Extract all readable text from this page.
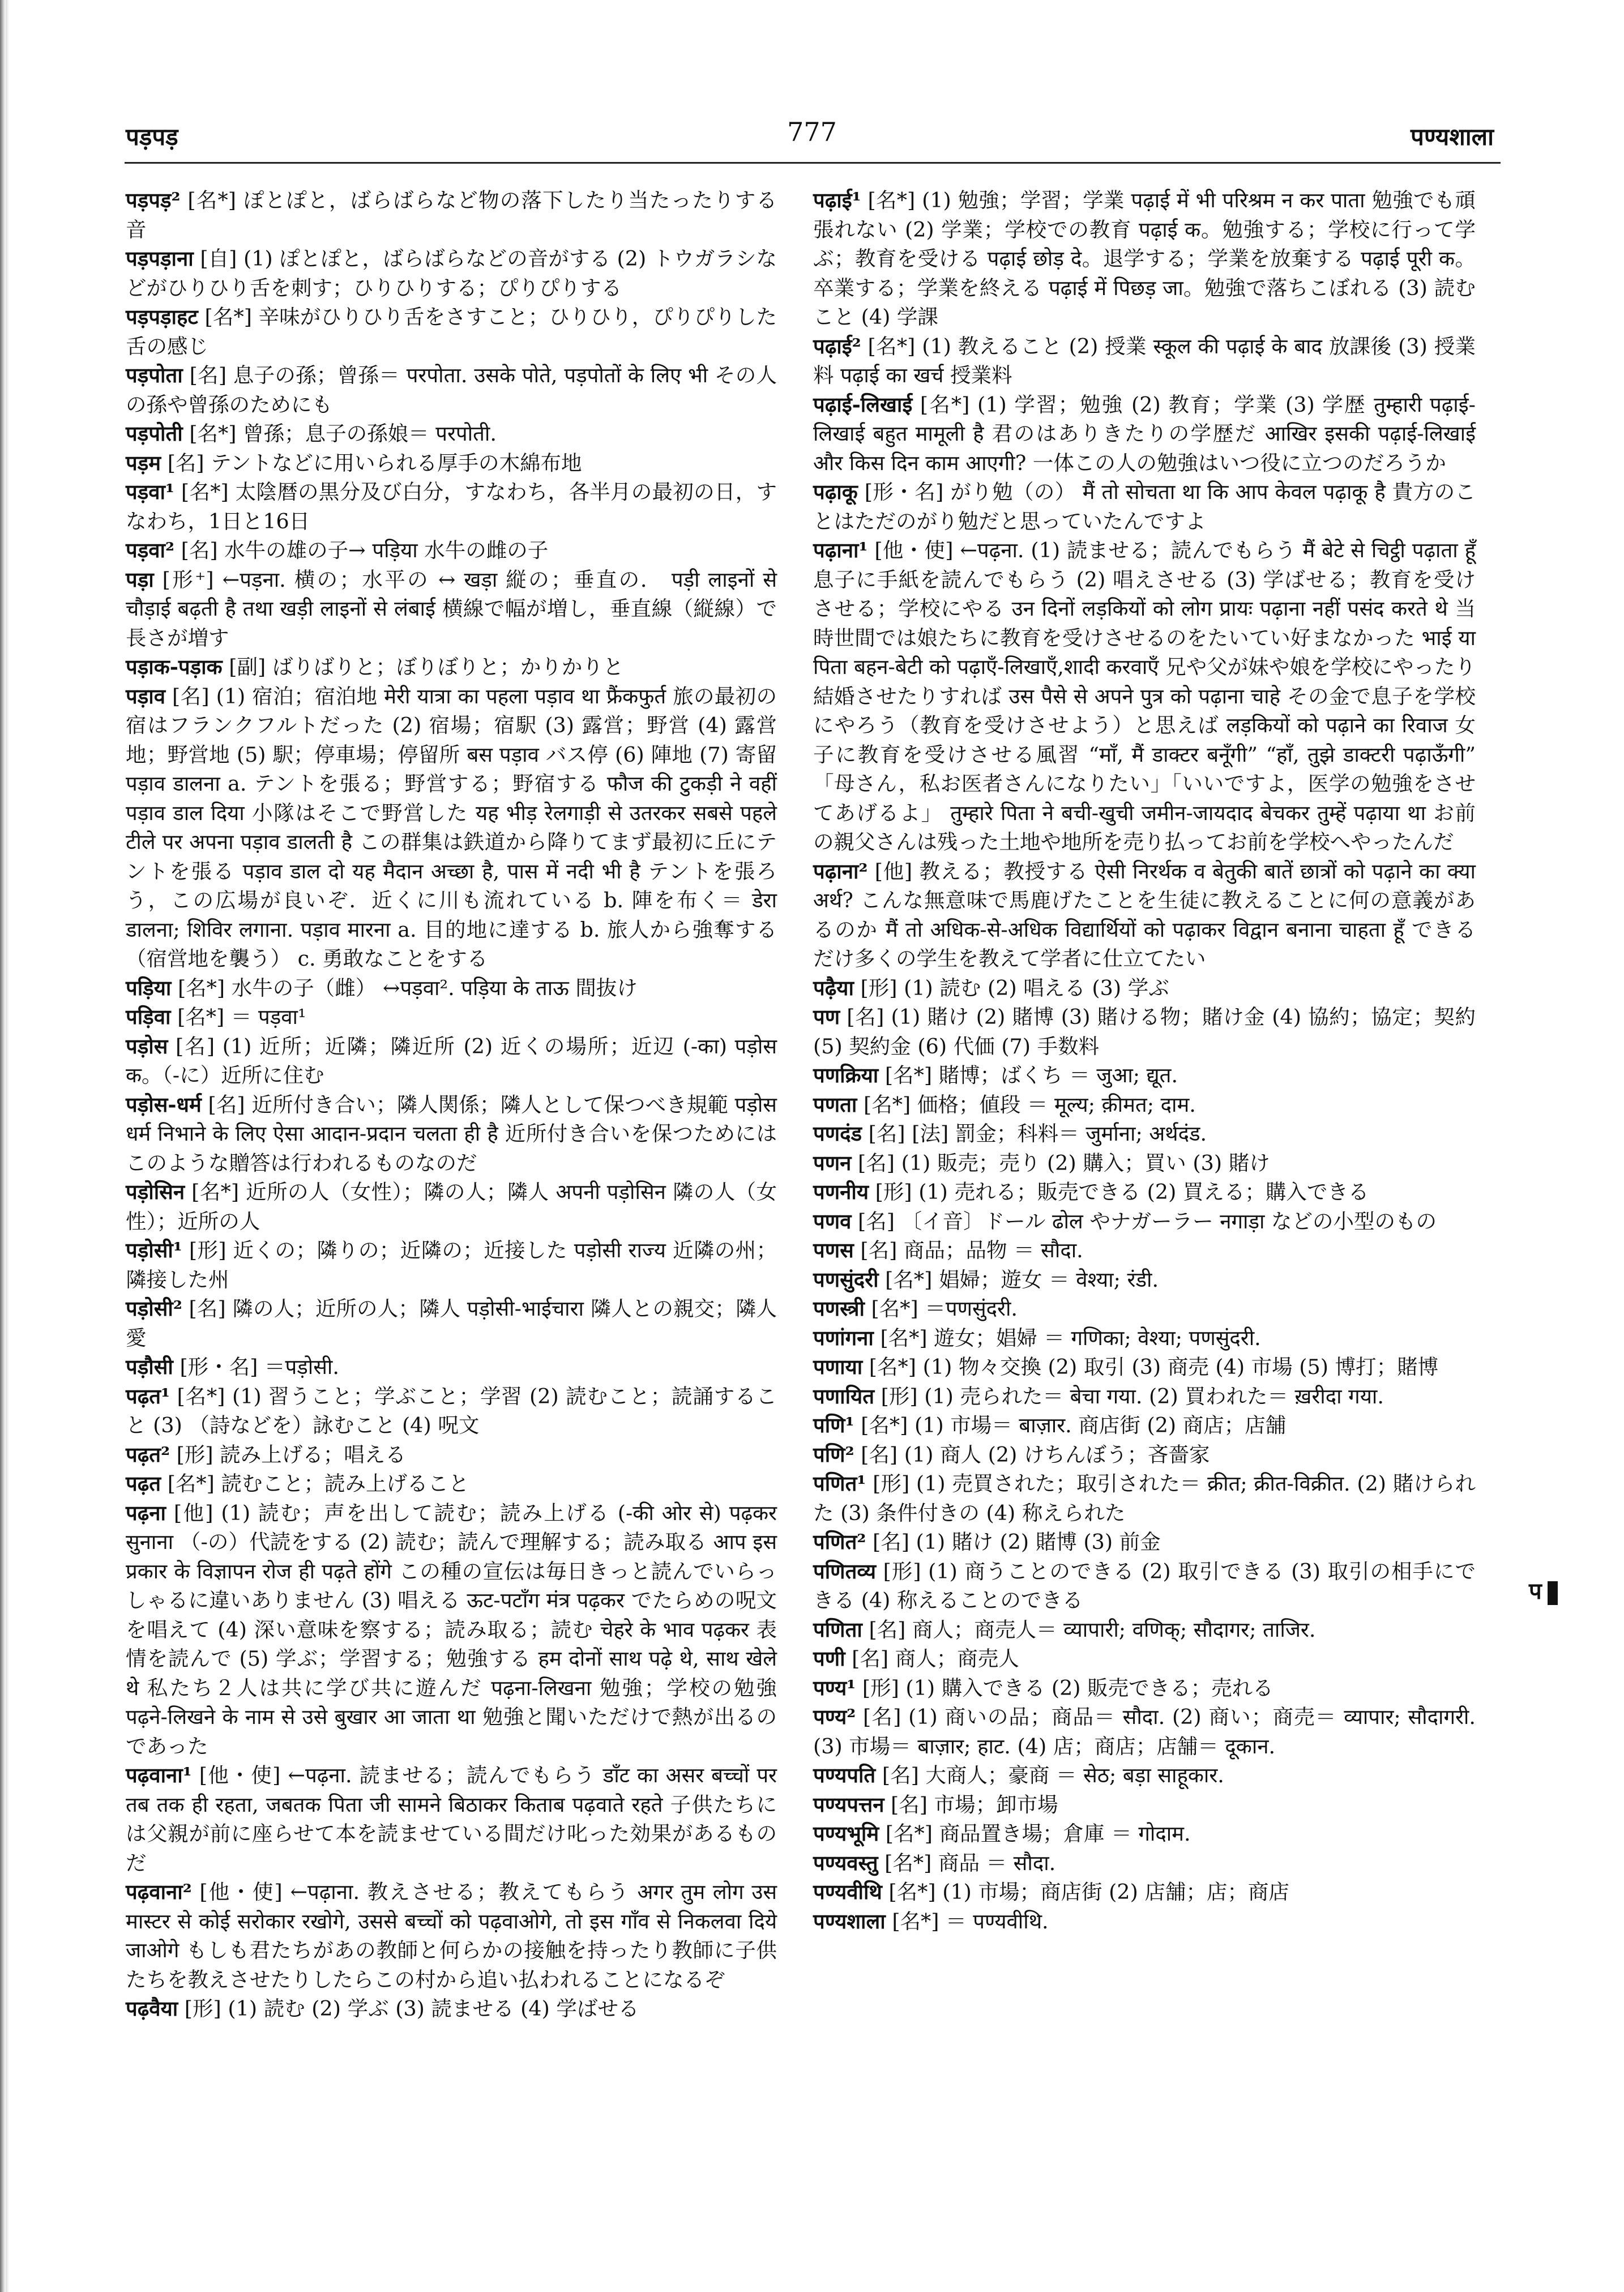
पड़पड़	777	पण्यशाला

पड़पड़² [名*] ぽとぽと，ばらばらなど物の落下したり当たったりする音

पड़पड़ाना [自] (1) ぽとぽと，ばらばらなどの音がする (2) トウガラシなどがひりひり舌を刺す；ひりひりする；ぴりぴりする

पड़पड़ाहट [名*] 辛味がひりひり舌をさすこと；ひりひり，ぴりぴりした舌の感じ

पड़पोता [名] 息子の孫；曾孫＝ परपोता. उसके पोते, पड़पोतों के लिए भी その人の孫や曾孫のためにも

पड़पोती [名*] 曾孫；息子の孫娘＝ परपोती.

पड़म [名] テントなどに用いられる厚手の木綿布地

पड़वा¹ [名*] 太陰暦の黒分及び白分，すなわち，各半月の最初の日，すなわち，1日と16日

पड़वा² [名] 水牛の雄の子→ पड़िया 水牛の雌の子

पड़ा [形⁺] ←पड़ना. 横の；水平の ↔ खड़ा 縦の；垂直の． पड़ी लाइनों से चौड़ाई बढ़ती है तथा खड़ी लाइनों से लंबाई 横線で幅が増し，垂直線（縦線）で長さが増す

पड़ाक-पड़ाक [副] ばりばりと；ぼりぼりと；かりかりと

पड़ाव [名] (1) 宿泊；宿泊地 मेरी यात्रा का पहला पड़ाव था फ्रैंकफुर्त 旅の最初の宿はフランクフルトだった (2) 宿場；宿駅 (3) 露営；野営 (4) 露営地；野営地 (5) 駅；停車場；停留所 बस पड़ाव バス停 (6) 陣地 (7) 寄留 पड़ाव डालना a. テントを張る；野営する；野宿する फौज की टुकड़ी ने वहीं पड़ाव डाल दिया 小隊はそこで野営した यह भीड़ रेलगाड़ी से उतरकर सबसे पहले टीले पर अपना पड़ाव डालती है この群集は鉄道から降りてまず最初に丘にテントを張る पड़ाव डाल दो यह मैदान अच्छा है, पास में नदी भी है テントを張ろう，この広場が良いぞ．近くに川も流れている b. 陣を布く＝ डेरा डालना; शिविर लगाना. पड़ाव मारना a. 目的地に達する b. 旅人から強奪する（宿営地を襲う） c. 勇敢なことをする

पड़िया [名*] 水牛の子（雌） ↔पड़वा². पड़िया के ताऊ 間抜け

पड़िवा [名*] ＝ पड़वा¹

पड़ोस [名] (1) 近所；近隣；隣近所 (2) 近くの場所；近辺 (-का) पड़ोस क。（-に）近所に住む

पड़ोस-धर्म [名] 近所付き合い；隣人関係；隣人として保つべき規範 पड़ोस धर्म निभाने के लिए ऐसा आदान-प्रदान चलता ही है 近所付き合いを保つためにはこのような贈答は行われるものなのだ

पड़ोसिन [名*] 近所の人（女性）；隣の人；隣人 अपनी पड़ोसिन 隣の人（女性）；近所の人

पड़ोसी¹ [形] 近くの；隣りの；近隣の；近接した पड़ोसी राज्य 近隣の州；隣接した州

पड़ोसी² [名] 隣の人；近所の人；隣人 पड़ोसी-भाईचारा 隣人との親交；隣人愛

पड़ौसी [形・名] ＝पड़ोसी.

पढ़त¹ [名*] (1) 習うこと；学ぶこと；学習 (2) 読むこと；読誦すること (3) （詩などを）詠むこと (4) 呪文

पढ़त² [形] 読み上げる；唱える

पढ़त [名*] 読むこと；読み上げること

पढ़ना [他] (1) 読む；声を出して読む；読み上げる (-की ओर से) पढ़कर सुनाना （-の）代読をする (2) 読む；読んで理解する；読み取る आप इस प्रकार के विज्ञापन रोज ही पढ़ते होंगे この種の宣伝は毎日きっと読んでいらっしゃるに違いありません (3) 唱える ऊट-पटाँग मंत्र पढ़कर でたらめの呪文を唱えて (4) 深い意味を察する；読み取る；読む चेहरे के भाव पढ़कर 表情を読んで (5) 学ぶ；学習する；勉強する हम दोनों साथ पढ़े थे, साथ खेले थे 私たち２人は共に学び共に遊んだ पढ़ना-लिखना 勉強；学校の勉強 पढ़ने-लिखने के नाम से उसे बुखार आ जाता था 勉強と聞いただけで熱が出るのであった

पढ़वाना¹ [他・使] ←पढ़ना. 読ませる；読んでもらう डाँट का असर बच्चों पर तब तक ही रहता, जबतक पिता जी सामने बिठाकर किताब पढ़वाते रहते 子供たちには父親が前に座らせて本を読ませている間だけ叱った効果があるものだ

पढ़वाना² [他・使] ←पढ़ाना. 教えさせる；教えてもらう अगर तुम लोग उस मास्टर से कोई सरोकार रखोगे, उससे बच्चों को पढ़वाओगे, तो इस गाँव से निकलवा दिये जाओगे もしも君たちがあの教師と何らかの接触を持ったり教師に子供たちを教えさせたりしたらこの村から追い払われることになるぞ

पढ़वैया [形] (1) 読む (2) 学ぶ (3) 読ませる (4) 学ばせる

पढ़ाई¹ [名*] (1) 勉強；学習；学業 पढ़ाई में भी परिश्रम न कर पाता 勉強でも頑張れない (2) 学業；学校での教育 पढ़ाई क。勉強する；学校に行って学ぶ；教育を受ける पढ़ाई छोड़ दे。退学する；学業を放棄する पढ़ाई पूरी क。卒業する；学業を終える पढ़ाई में पिछड़ जा。勉強で落ちこぼれる (3) 読むこと (4) 学課

पढ़ाई² [名*] (1) 教えること (2) 授業 स्कूल की पढ़ाई के बाद 放課後 (3) 授業料 पढ़ाई का खर्च 授業料

पढ़ाई-लिखाई [名*] (1) 学習；勉強 (2) 教育；学業 (3) 学歴 तुम्हारी पढ़ाई-लिखाई बहुत मामूली है 君のはありきたりの学歴だ आखिर इसकी पढ़ाई-लिखाई और किस दिन काम आएगी? 一体この人の勉強はいつ役に立つのだろうか

पढ़ाकू [形・名] がり勉（の） मैं तो सोचता था कि आप केवल पढ़ाकू है 貴方のことはただのがり勉だと思っていたんですよ

पढ़ाना¹ [他・使] ←पढ़ना. (1) 読ませる；読んでもらう मैं बेटे से चिट्ठी पढ़ाता हूँ 息子に手紙を読んでもらう (2) 唱えさせる (3) 学ばせる；教育を受けさせる；学校にやる उन दिनों लड़कियों को लोग प्रायः पढ़ाना नहीं पसंद करते थे 当時世間では娘たちに教育を受けさせるのをたいてい好まなかった भाई या पिता बहन-बेटी को पढ़ाएँ-लिखाएँ,शादी करवाएँ 兄や父が妹や娘を学校にやったり結婚させたりすれば उस पैसे से अपने पुत्र को पढ़ाना चाहे その金で息子を学校にやろう（教育を受けさせよう）と思えば लड़कियों को पढ़ाने का रिवाज 女子に教育を受けさせる風習 “माँ, मैं डाक्टर बनूँगी” “हाँ, तुझे डाक्टरी पढ़ाऊँगी” 「母さん，私お医者さんになりたい」「いいですよ，医学の勉強をさせてあげるよ」 तुम्हारे पिता ने बची-खुची जमीन-जायदाद बेचकर तुम्हें पढ़ाया था お前の親父さんは残った土地や地所を売り払ってお前を学校へやったんだ

पढ़ाना² [他] 教える；教授する ऐसी निरर्थक व बेतुकी बातें छात्रों को पढ़ाने का क्या अर्थ? こんな無意味で馬鹿げたことを生徒に教えることに何の意義があるのか मैं तो अधिक-से-अधिक विद्यार्थियों को पढ़ाकर विद्वान बनाना चाहता हूँ できるだけ多くの学生を教えて学者に仕立てたい

पढ़ैया [形] (1) 読む (2) 唱える (3) 学ぶ

पण [名] (1) 賭け (2) 賭博 (3) 賭ける物；賭け金 (4) 協約；協定；契約 (5) 契約金 (6) 代価 (7) 手数料

पणक्रिया [名*] 賭博；ばくち ＝ जुआ; द्यूत.

पणता [名*] 価格；値段 ＝ मूल्य; क़ीमत; दाम.

पणदंड [名] [法] 罰金；科料＝ जुर्माना; अर्थदंड.

पणन [名] (1) 販売；売り (2) 購入；買い (3) 賭け

पणनीय [形] (1) 売れる；販売できる (2) 買える；購入できる

पणव [名] 〔イ音〕ドール ढोल やナガーラー नगाड़ा などの小型のもの

पणस [名] 商品；品物 ＝ सौदा.

पणसुंदरी [名*] 娼婦；遊女 ＝ वेश्या; रंडी.

पणस्त्री [名*] ＝पणसुंदरी.

पणांगना [名*] 遊女；娼婦 ＝ गणिका; वेश्या; पणसुंदरी.

पणाया [名*] (1) 物々交換 (2) 取引 (3) 商売 (4) 市場 (5) 博打；賭博

पणायित [形] (1) 売られた＝ बेचा गया. (2) 買われた＝ ख़रीदा गया.

पणि¹ [名*] (1) 市場＝ बाज़ार. 商店街 (2) 商店；店舗

पणि² [名] (1) 商人 (2) けちんぼう；吝嗇家

पणित¹ [形] (1) 売買された；取引された＝ क्रीत; क्रीत-विक्रीत. (2) 賭けられた (3) 条件付きの (4) 称えられた

पणित² [名] (1) 賭け (2) 賭博 (3) 前金

पणितव्य [形] (1) 商うことのできる (2) 取引できる (3) 取引の相手にできる (4) 称えることのできる

पणिता [名] 商人；商売人＝ व्यापारी; वणिक्; सौदागर; ताजिर.

पणी [名] 商人；商売人

पण्य¹ [形] (1) 購入できる (2) 販売できる；売れる

पण्य² [名] (1) 商いの品；商品＝ सौदा. (2) 商い；商売＝ व्यापार; सौदागरी. (3) 市場＝ बाज़ार; हाट. (4) 店；商店；店舗＝ दूकान.

पण्यपति [名] 大商人；豪商 ＝ सेठ; बड़ा साहूकार.

पण्यपत्तन [名] 市場；卸市場

पण्यभूमि [名*] 商品置き場；倉庫 ＝ गोदाम.

पण्यवस्तु [名*] 商品 ＝ सौदा.

पण्यवीथि [名*] (1) 市場；商店街 (2) 店舗；店；商店

पण्यशाला [名*] ＝ पण्यवीथि.

प
